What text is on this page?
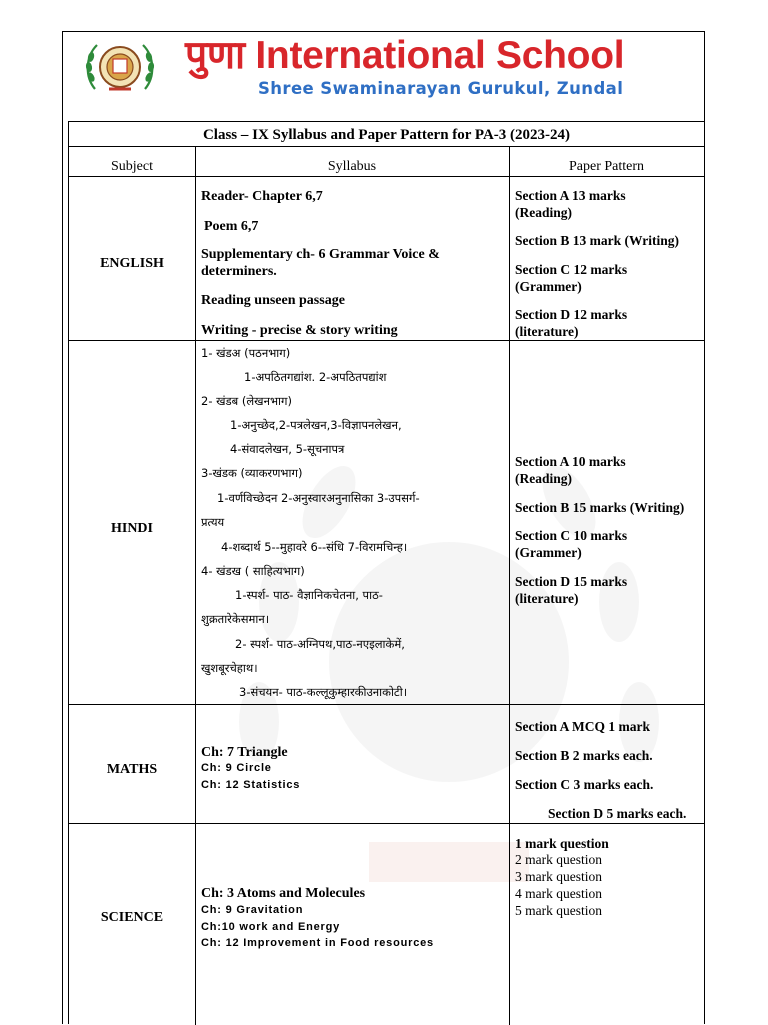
पुणा International School
Shree Swaminarayan Gurukul, Zundal
Class – IX Syllabus and Paper Pattern for PA-3 (2023-24)
Subject	Syllabus	Paper Pattern
ENGLISH
Reader- Chapter 6,7
Poem 6,7
Supplementary ch- 6 Grammar Voice &
determiners.
Reading unseen passage
Writing - precise & story writing
Section A 13 marks
(Reading)
Section B 13 mark (Writing)
Section C 12 marks
(Grammer)
Section D 12 marks
(literature)
HINDI
1- खंडअ (पठनभाग)
1-अपठितगद्यांश. 2-अपठितपद्यांश
2- खंडब (लेखनभाग)
1-अनुच्छेद,2-पत्रलेखन,3-विज्ञापनलेखन,
4-संवादलेखन, 5-सूचनापत्र
3-खंडक (व्याकरणभाग)
1-वर्णविच्छेदन 2-अनुस्वारअनुनासिका 3-उपसर्ग-
प्रत्यय
4-शब्दार्थ 5--मुहावरे 6--संधि 7-विरामचिन्ह।
4- खंडख ( साहित्यभाग)
1-स्पर्श- पाठ- वैज्ञानिकचेतना, पाठ-
शुक्रतारेकेसमान।
2- स्पर्श- पाठ-अग्निपथ,पाठ-नएइलाकेमें,
खुशबूरचेहाथ।
3-संचयन- पाठ-कल्लूकुम्हारकीउनाकोटी।
Section A 10 marks
(Reading)
Section B 15 marks (Writing)
Section C 10 marks
(Grammer)
Section D 15 marks
(literature)
MATHS
Ch: 7 Triangle
Ch: 9 Circle
Ch: 12 Statistics
Section A MCQ 1 mark
Section B 2 marks each.
Section C 3 marks each.
Section D 5 marks each.
SCIENCE
Ch: 3 Atoms and Molecules
Ch: 9 Gravitation
Ch:10 work and Energy
Ch: 12 Improvement in Food resources
1 mark question
2 mark question
3 mark question
4 mark question
5 mark question
